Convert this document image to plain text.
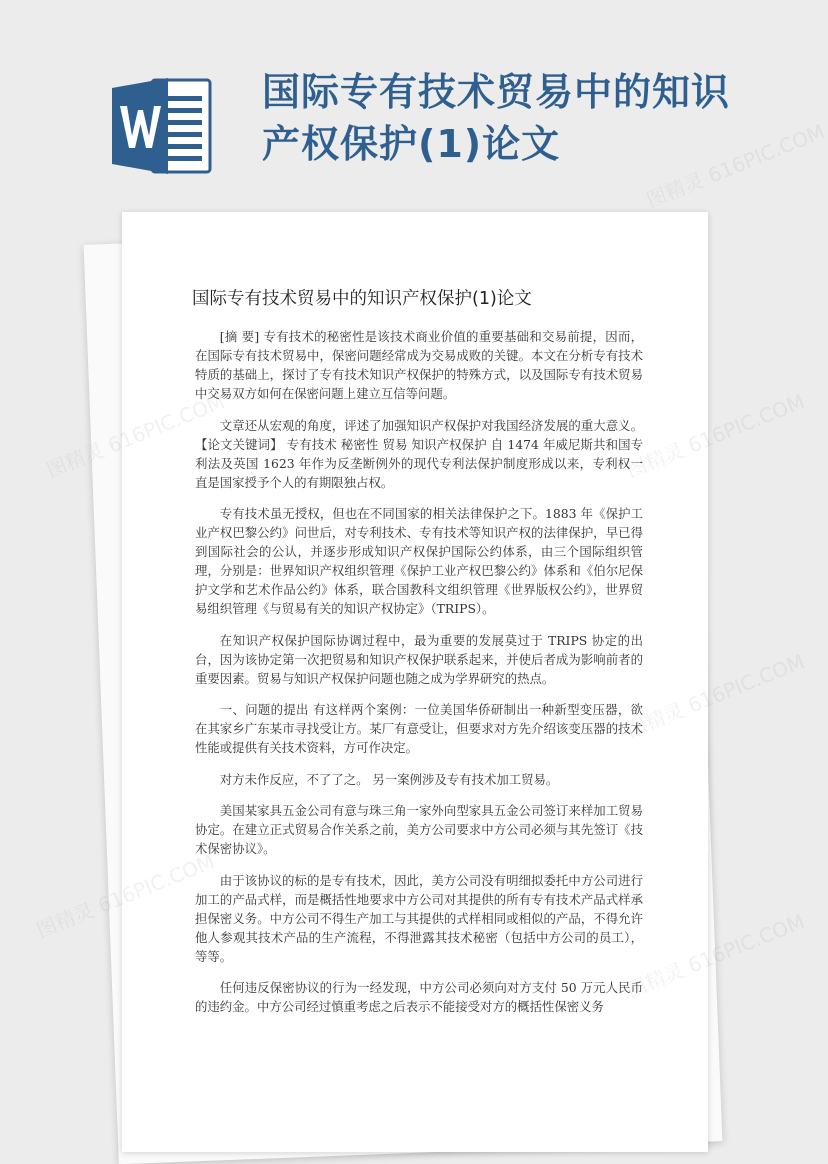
国际专有技术贸易中的知识产权保护(1)论文
国际专有技术贸易中的知识产权保护(1)论文

[摘 要] 专有技术的秘密性是该技术商业价值的重要基础和交易前提，因而，在国际专有技术贸易中，保密问题经常成为交易成败的关键。本文在分析专有技术特质的基础上，探讨了专有技术知识产权保护的特殊方式，以及国际专有技术贸易中交易双方如何在保密问题上建立互信等问题。

文章还从宏观的角度，评述了加强知识产权保护对我国经济发展的重大意义。 【论文关键词】 专有技术 秘密性 贸易 知识产权保护 自 1474 年威尼斯共和国专利法及英国 1623 年作为反垄断例外的现代专利法保护制度形成以来，专利权一直是国家授予个人的有期限独占权。

专有技术虽无授权，但也在不同国家的相关法律保护之下。1883 年《保护工业产权巴黎公约》问世后，对专利技术、专有技术等知识产权的法律保护，早已得到国际社会的公认，并逐步形成知识产权保护国际公约体系，由三个国际组织管理，分别是：世界知识产权组织管理《保护工业产权巴黎公约》体系和《伯尔尼保护文学和艺术作品公约》体系，联合国教科文组织管理《世界版权公约》，世界贸易组织管理《与贸易有关的知识产权协定》（TRIPS）。

在知识产权保护国际协调过程中，最为重要的发展莫过于 TRIPS 协定的出台，因为该协定第一次把贸易和知识产权保护联系起来，并使后者成为影响前者的重要因素。贸易与知识产权保护问题也随之成为学界研究的热点。

一、问题的提出 有这样两个案例：一位美国华侨研制出一种新型变压器，欲在其家乡广东某市寻找受让方。某厂有意受让，但要求对方先介绍该变压器的技术性能或提供有关技术资料，方可作决定。

对方未作反应，不了了之。 另一案例涉及专有技术加工贸易。

美国某家具五金公司有意与珠三角一家外向型家具五金公司签订来样加工贸易协定。在建立正式贸易合作关系之前，美方公司要求中方公司必须与其先签订《技术保密协议》。

由于该协议的标的是专有技术，因此，美方公司没有明细拟委托中方公司进行加工的产品式样，而是概括性地要求中方公司对其提供的所有专有技术产品式样承担保密义务。中方公司不得生产加工与其提供的式样相同或相似的产品，不得允许他人参观其技术产品的生产流程，不得泄露其技术秘密（包括中方公司的员工），等等。

任何违反保密协议的行为一经发现，中方公司必须向对方支付 50 万元人民币的违约金。中方公司经过慎重考虑之后表示不能接受对方的概括性保密义务

图精灵 616PIC.COM
图精灵	图精灵 616PIC.COM
图精灵 616PIC.COM
图精灵	图精灵 616PIC.COM
